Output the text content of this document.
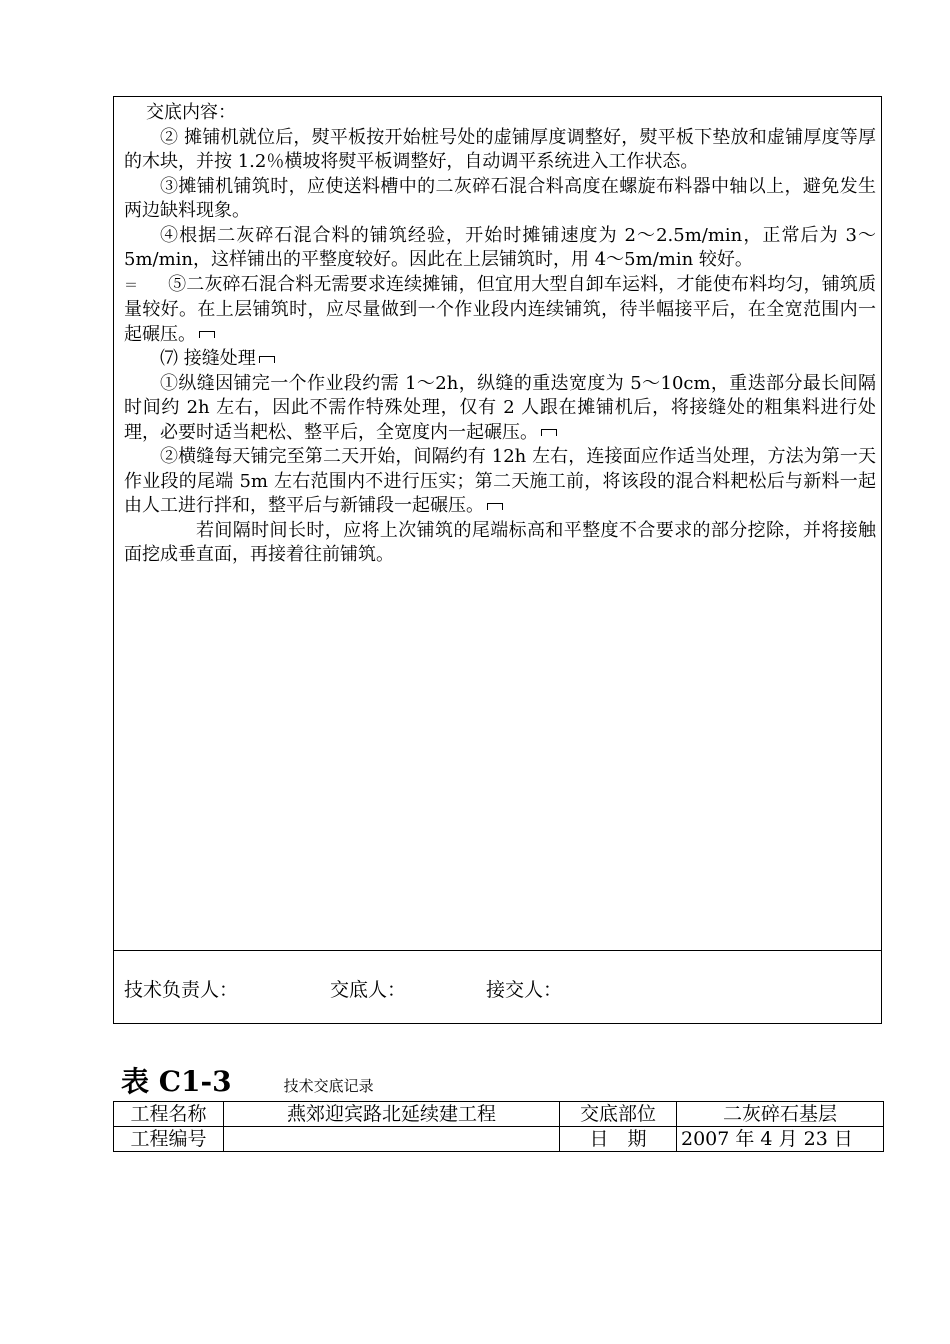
交底内容：

② 摊铺机就位后，熨平板按开始桩号处的虚铺厚度调整好，熨平板下垫放和虚铺厚度等厚的木块，并按 1.2％横坡将熨平板调整好，自动调平系统进入工作状态。

③摊铺机铺筑时，应使送料槽中的二灰碎石混合料高度在螺旋布料器中轴以上，避免发生两边缺料现象。

④根据二灰碎石混合料的铺筑经验，开始时摊铺速度为 2～2.5m/min，正常后为 3～5m/min，这样铺出的平整度较好。因此在上层铺筑时，用 4～5m/min 较好。

＝ ⑤二灰碎石混合料无需要求连续摊铺，但宜用大型自卸车运料，才能使布料均匀，铺筑质量较好。在上层铺筑时，应尽量做到一个作业段内连续铺筑，待半幅接平后，在全宽范围内一起碾压。

⑺ 接缝处理

①纵缝因铺完一个作业段约需 1～2h，纵缝的重迭宽度为 5～10cm，重迭部分最长间隔时间约 2h 左右，因此不需作特殊处理，仅有 2 人跟在摊铺机后，将接缝处的粗集料进行处理，必要时适当耙松、整平后，全宽度内一起碾压。

②横缝每天铺完至第二天开始，间隔约有 12h 左右，连接面应作适当处理，方法为第一天作业段的尾端 5m 左右范围内不进行压实；第二天施工前，将该段的混合料耙松后与新料一起由人工进行拌和，整平后与新铺段一起碾压。

若间隔时间长时，应将上次铺筑的尾端标高和平整度不合要求的部分挖除，并将接触面挖成垂直面，再接着往前铺筑。

技术负责人：	交底人：	接交人：
表 C1-3	技术交底记录
工程名称	燕郊迎宾路北延续建工程	交底部位	二灰碎石基层
工程编号		日　期	2007 年 4 月 23 日
